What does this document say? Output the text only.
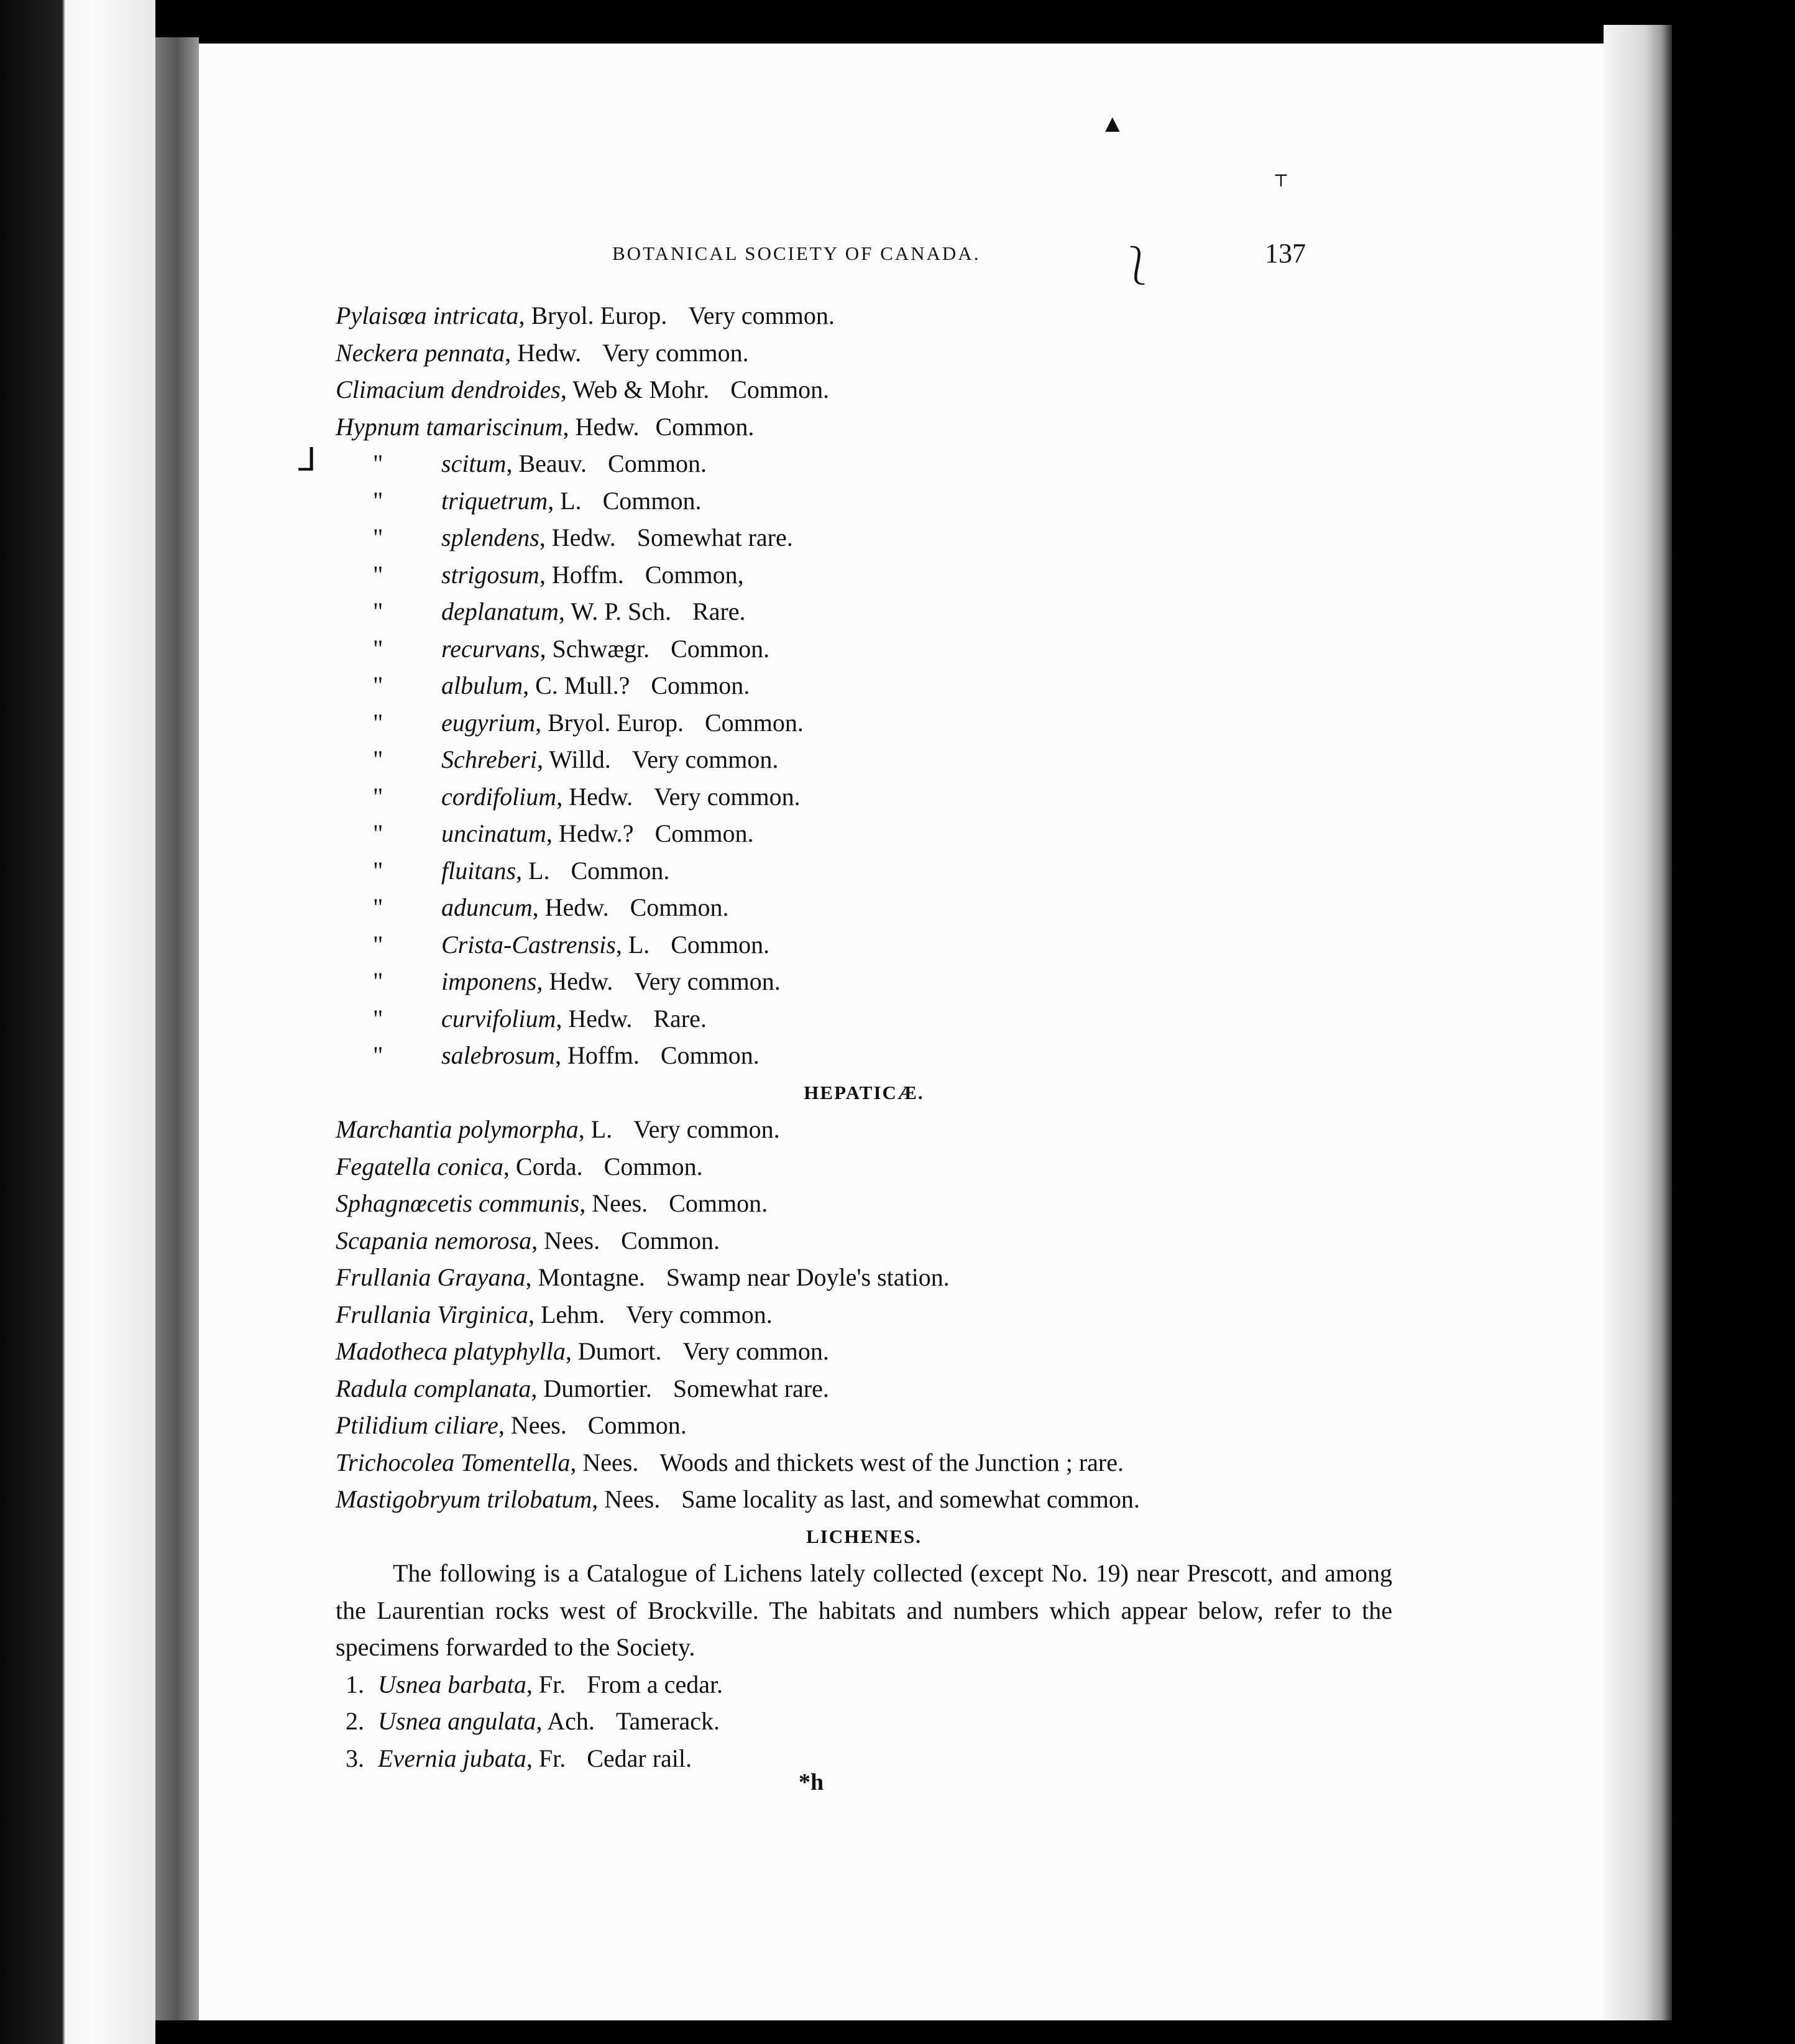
BOTANICAL SOCIETY OF CANADA.	137
▲
⸆
⅃
⎱
Pylaisœa intricata, Bryol. Europ. Very common.
Neckera pennata, Hedw. Very common.
Climacium dendroides, Web & Mohr. Common.
Hypnum tamariscinum, Hedw. Common.
" scitum, Beauv. Common.
" triquetrum, L. Common.
" splendens, Hedw. Somewhat rare.
" strigosum, Hoffm. Common,
" deplanatum, W. P. Sch. Rare.
" recurvans, Schwægr. Common.
" albulum, C. Mull.? Common.
" eugyrium, Bryol. Europ. Common.
" Schreberi, Willd. Very common.
" cordifolium, Hedw. Very common.
" uncinatum, Hedw.? Common.
" fluitans, L. Common.
" aduncum, Hedw. Common.
" Crista-Castrensis, L. Common.
" imponens, Hedw. Very common.
" curvifolium, Hedw. Rare.
" salebrosum, Hoffm. Common.
HEPATICÆ.
Marchantia polymorpha, L. Very common.
Fegatella conica, Corda. Common.
Sphagnœcetis communis, Nees. Common.
Scapania nemorosa, Nees. Common.
Frullania Grayana, Montagne. Swamp near Doyle's station.
Frullania Virginica, Lehm. Very common.
Madotheca platyphylla, Dumort. Very common.
Radula complanata, Dumortier. Somewhat rare.
Ptilidium ciliare, Nees. Common.
Trichocolea Tomentella, Nees. Woods and thickets west of the Junction ; rare.
Mastigobryum trilobatum, Nees. Same locality as last, and somewhat common.
LICHENES.
The following is a Catalogue of Lichens lately collected (except No. 19) near Prescott, and among the Laurentian rocks west of Brockville. The habitats and numbers which appear below, refer to the specimens forwarded to the Society.
1. Usnea barbata, Fr. From a cedar.
2. Usnea angulata, Ach. Tamerack.
3. Evernia jubata, Fr. Cedar rail.
*h
